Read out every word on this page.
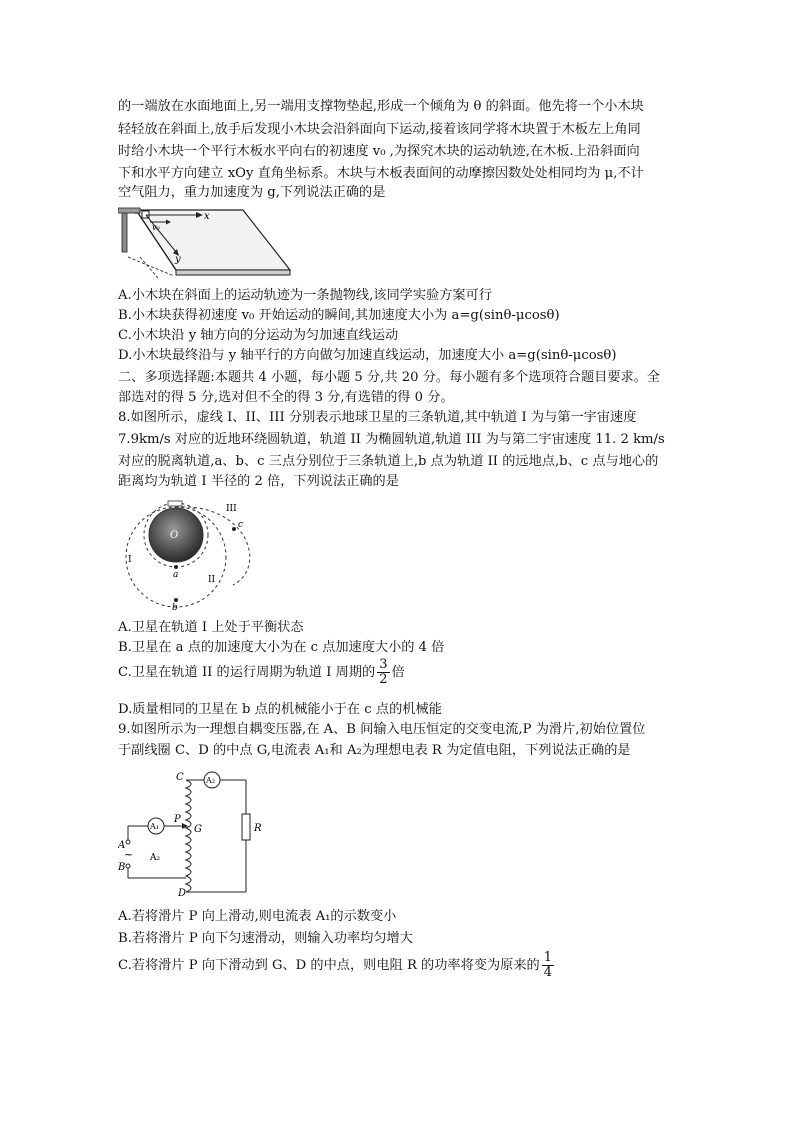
的一端放在水面地面上,另一端用支撑物垫起,形成一个倾角为 θ 的斜面。他先将一个小木块
轻轻放在斜面上,放手后发现小木块会沿斜面向下运动,接着该同学将木块置于木板左上角同
时给小木块一个平行木板水平向右的初速度 v₀ ,为探究木块的运动轨迹,在木板.上沿斜面向
下和水平方向建立 xOy 直角坐标系。木块与木板表面间的动摩擦因数处处相同均为 μ,不计
空气阻力，重力加速度为 g,下列说法正确的是
x
y
v₀
A.小木块在斜面上的运动轨迹为一条抛物线,该同学实验方案可行
B.小木块获得初速度 v₀ 开始运动的瞬间,其加速度大小为 a=g(sinθ-μcosθ)
C.小木块沿 y 轴方向的分运动为匀加速直线运动
D.小木块最终沿与 y 轴平行的方向做匀加速直线运动，加速度大小 a=g(sinθ-μcosθ)
二、多项选择题:本题共 4 小题，每小题 5 分,共 20 分。每小题有多个选项符合题目要求。全
部选对的得 5 分,选对但不全的得 3 分,有选错的得 0 分。
8.如图所示，虚线 I、II、III 分别表示地球卫星的三条轨道,其中轨道 I 为与第一宇宙速度
7.9km/s 对应的近地环绕圆轨道，轨道 II 为椭圆轨道,轨道 III 为与第二宇宙速度 11. 2 km/s
对应的脱离轨道,a、b、c 三点分别位于三条轨道上,b 点为轨道 II 的远地点,b、c 点与地心的
距离均为轨道 I 半径的 2 倍，下列说法正确的是
O
a
b
c
I
II
III
A.卫星在轨道 I 上处于平衡状态
B.卫星在 a 点的加速度大小为在 c 点加速度大小的 4 倍
C.卫星在轨道 II 的运行周期为轨道 I 周期的 $\frac{3}{2}$ 倍
D.质量相同的卫星在 b 点的机械能小于在 c 点的机械能
9.如图所示为一理想自耦变压器,在 A、B 间输入电压恒定的交变电流,P 为滑片,初始位置位
于副线圈 C、D 的中点 G,电流表 A₁和 A₂为理想电表 R 为定值电阻，下列说法正确的是
C
D
G
P
A
B
~
R
A₂
A₁
A₂
A.若将滑片 P 向上滑动,则电流表 A₁的示数变小
B.若将滑片 P 向下匀速滑动，则输入功率均匀增大
C.若将滑片 P 向下滑动到 G、D 的中点，则电阻 R 的功率将变为原来的 $\frac{1}{4}$
